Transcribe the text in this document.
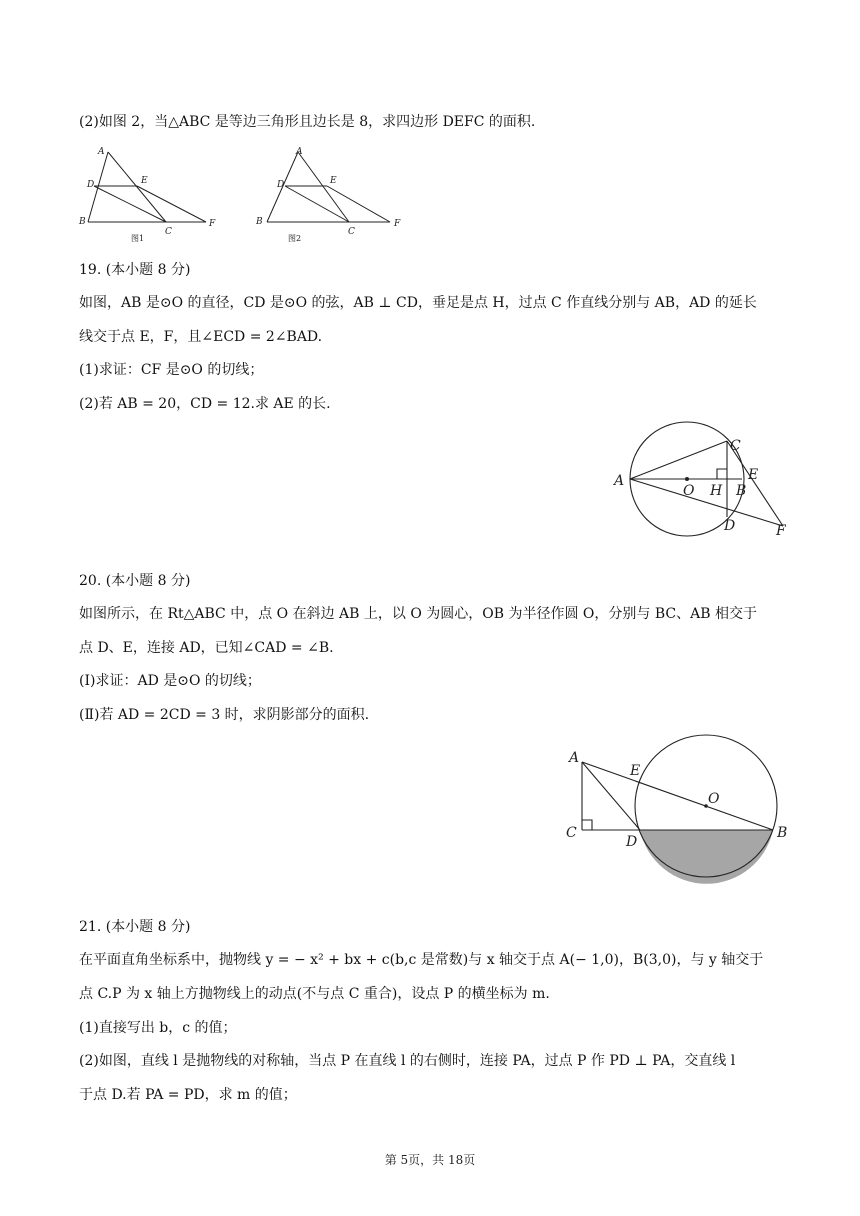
(2)如图 2，当△ABC 是等边三角形且边长是 8，求四边形 DEFC 的面积.
A
D	E
B
C
F
图1
A
D	E
B
C
F
图2
19. (本小题 8 分)
如图，AB 是⊙O 的直径，CD 是⊙O 的弦，AB ⊥ CD，垂足是点 H，过点 C 作直线分别与 AB，AD 的延长
线交于点 E，F，且∠ECD = 2∠BAD.
(1)求证：CF 是⊙O 的切线；
(2)若 AB = 20，CD = 12.求 AE 的长.
A
C
O H B
E
D	F
20. (本小题 8 分)
如图所示，在 Rt△ABC 中，点 O 在斜边 AB 上，以 O 为圆心，OB 为半径作圆 O，分别与 BC、AB 相交于
点 D、E，连接 AD，已知∠CAD = ∠B.
(Ⅰ)求证：AD 是⊙O 的切线；
(Ⅱ)若 AD = 2CD = 3 时，求阴影部分的面积.
A
E
O
C
D
B
21. (本小题 8 分)
在平面直角坐标系中，抛物线 y = − x² + bx + c(b,c 是常数)与 x 轴交于点 A(− 1,0)，B(3,0)，与 y 轴交于
点 C.P 为 x 轴上方抛物线上的动点(不与点 C 重合)，设点 P 的横坐标为 m.
(1)直接写出 b，c 的值；
(2)如图，直线 l 是抛物线的对称轴，当点 P 在直线 l 的右侧时，连接 PA，过点 P 作 PD ⊥ PA，交直线 l
于点 D.若 PA = PD，求 m 的值；
第 5页，共 18页
